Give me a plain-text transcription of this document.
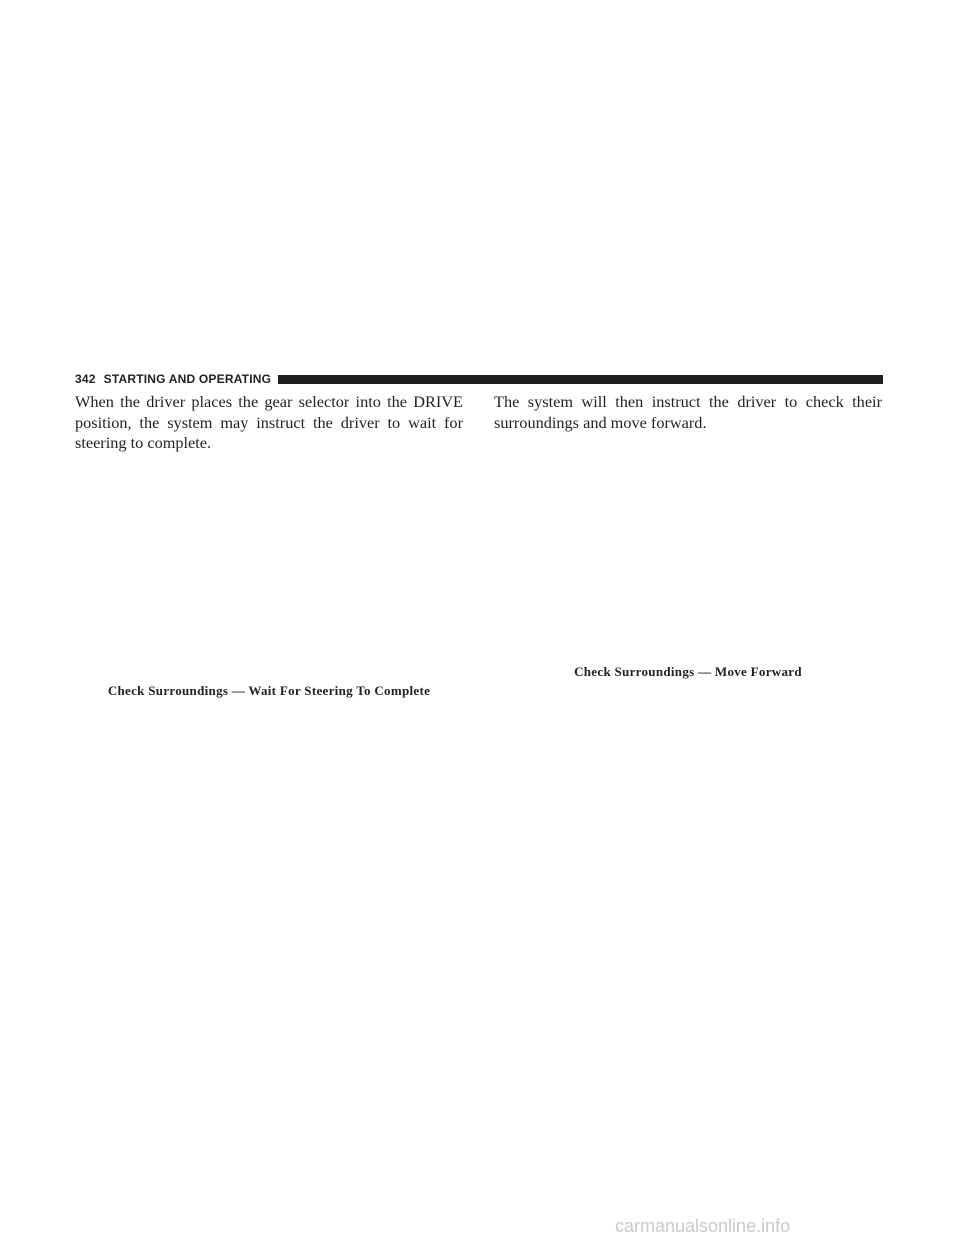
342 STARTING AND OPERATING

When the driver places the gear selector into the DRIVE position, the system may instruct the driver to wait for steering to complete.

Check Surroundings — Wait For Steering To Complete

The system will then instruct the driver to check their surroundings and move forward.

Check Surroundings — Move Forward
carmanualsonline.info
